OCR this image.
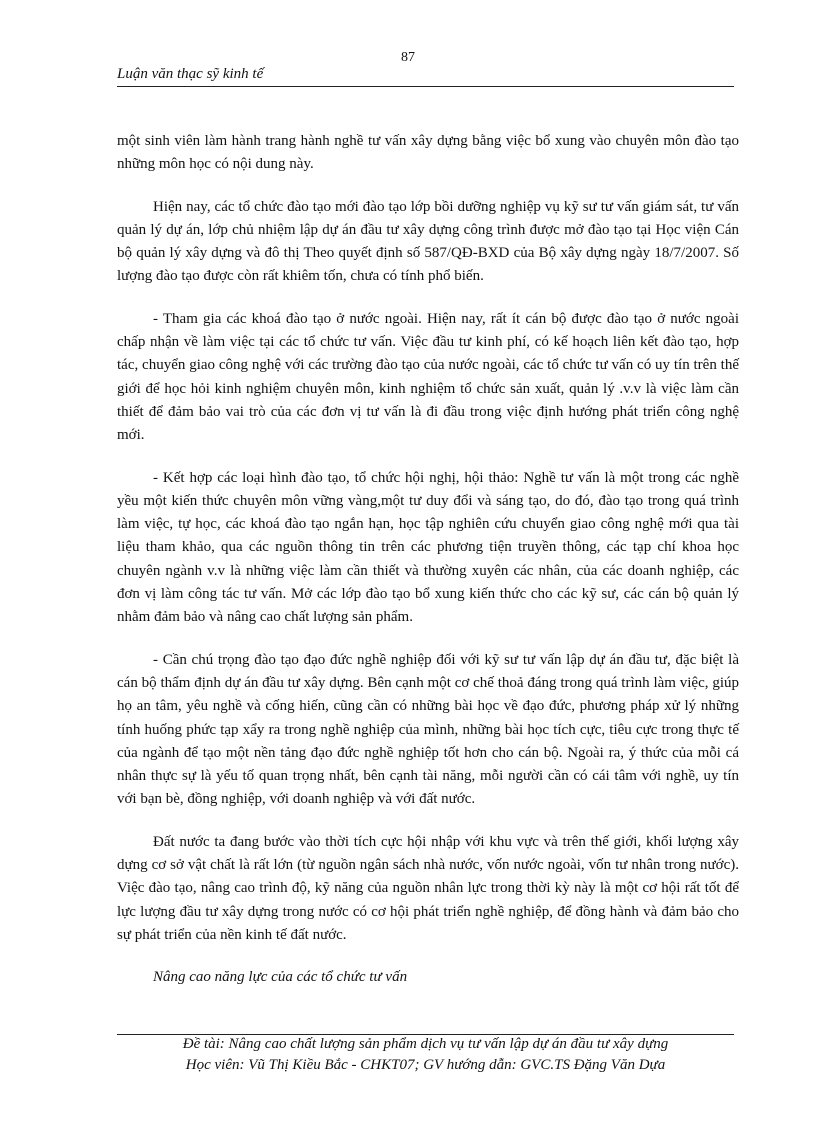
87
Luận văn thạc sỹ kinh tế

một sinh viên làm hành trang hành nghề tư vấn xây dựng bằng việc bổ xung vào chuyên môn đào tạo những môn học có nội dung này.

Hiện nay, các tổ chức đào tạo mới đào tạo lớp bồi dưỡng nghiệp vụ kỹ sư tư vấn giám sát, tư vấn quản lý dự án, lớp chủ nhiệm lập dự án đầu tư xây dựng công trình được mở đào tạo tại Học viện Cán bộ quản lý xây dựng và đô thị Theo quyết định số 587/QĐ-BXD của Bộ xây dựng ngày 18/7/2007. Số lượng đào tạo được còn rất khiêm tốn, chưa có tính phổ biến.

- Tham gia các khoá đào tạo ở nước ngoài. Hiện nay, rất ít cán bộ được đào tạo ở nước ngoài chấp nhận về làm việc tại các tổ chức tư vấn. Việc đầu tư kinh phí, có kế hoạch liên kết đào tạo, hợp tác, chuyển giao công nghệ với các trường đào tạo của nước ngoài, các tổ chức tư vấn có uy tín trên thế giới để học hỏi kinh nghiệm chuyên môn, kinh nghiệm tổ chức sản xuất, quản lý .v.v là việc làm cần thiết để đảm bảo vai trò của các đơn vị tư vấn là đi đầu trong việc định hướng phát triển công nghệ mới.

- Kết hợp các loại hình đào tạo, tổ chức hội nghị, hội thảo: Nghề tư vấn là một trong các nghề yều một kiến thức chuyên môn vững vàng,một tư duy đổi và sáng tạo, do đó, đào tạo trong quá trình làm việc, tự học, các khoá đào tạo ngắn hạn, học tập nghiên cứu chuyển giao công nghệ mới qua tài liệu tham khảo, qua các nguồn thông tin trên các phương tiện truyền thông, các tạp chí khoa học chuyên ngành v.v là những việc làm cần thiết và thường xuyên các nhân, của các doanh nghiệp, các đơn vị làm công tác tư vấn. Mở các lớp đào tạo bổ xung kiến thức cho các kỹ sư, các cán bộ quản lý nhằm đảm bảo và nâng cao chất lượng sản phẩm.

- Cần chú trọng đào tạo đạo đức nghề nghiệp đối với kỹ sư tư vấn lập dự án đầu tư, đặc biệt là cán bộ thẩm định dự án đầu tư xây dựng. Bên cạnh một cơ chế thoả đáng trong quá trình làm việc, giúp họ an tâm, yêu nghề và cống hiến, cũng cần có những bài học về đạo đức, phương pháp xử lý những tính huống phức tạp xẩy ra trong nghề nghiệp của mình, những bài học tích cực, tiêu cực trong thực tế của ngành để tạo một nền tảng đạo đức nghề nghiệp tốt hơn cho cán bộ. Ngoài ra, ý thức của mỗi cá nhân thực sự là yếu tố quan trọng nhất, bên cạnh tài năng, mỗi người cần có cái tâm với nghề, uy tín với bạn bè, đồng nghiệp, với doanh nghiệp và với đất nước.

Đất nước ta đang bước vào thời tích cực hội nhập với khu vực và trên thế giới, khối lượng xây dựng cơ sở vật chất là rất lớn (từ nguồn ngân sách nhà nước, vốn nước ngoài, vốn tư nhân trong nước). Việc đào tạo, nâng cao trình độ, kỹ năng của nguồn nhân lực trong thời kỳ này là một cơ hội rất tốt để lực lượng đầu tư xây dựng trong nước có cơ hội phát triển nghề nghiệp, để đồng hành và đảm bảo cho sự phát triển của nền kinh tế đất nước.

Nâng cao năng lực của các tổ chức tư vấn

Đề tài: Nâng cao chất lượng sản phẩm dịch vụ tư vấn lập dự án đầu tư xây dựng
Học viên: Vũ Thị Kiều Bắc - CHKT07; GV hướng dẫn: GVC.TS Đặng Văn Dựa
